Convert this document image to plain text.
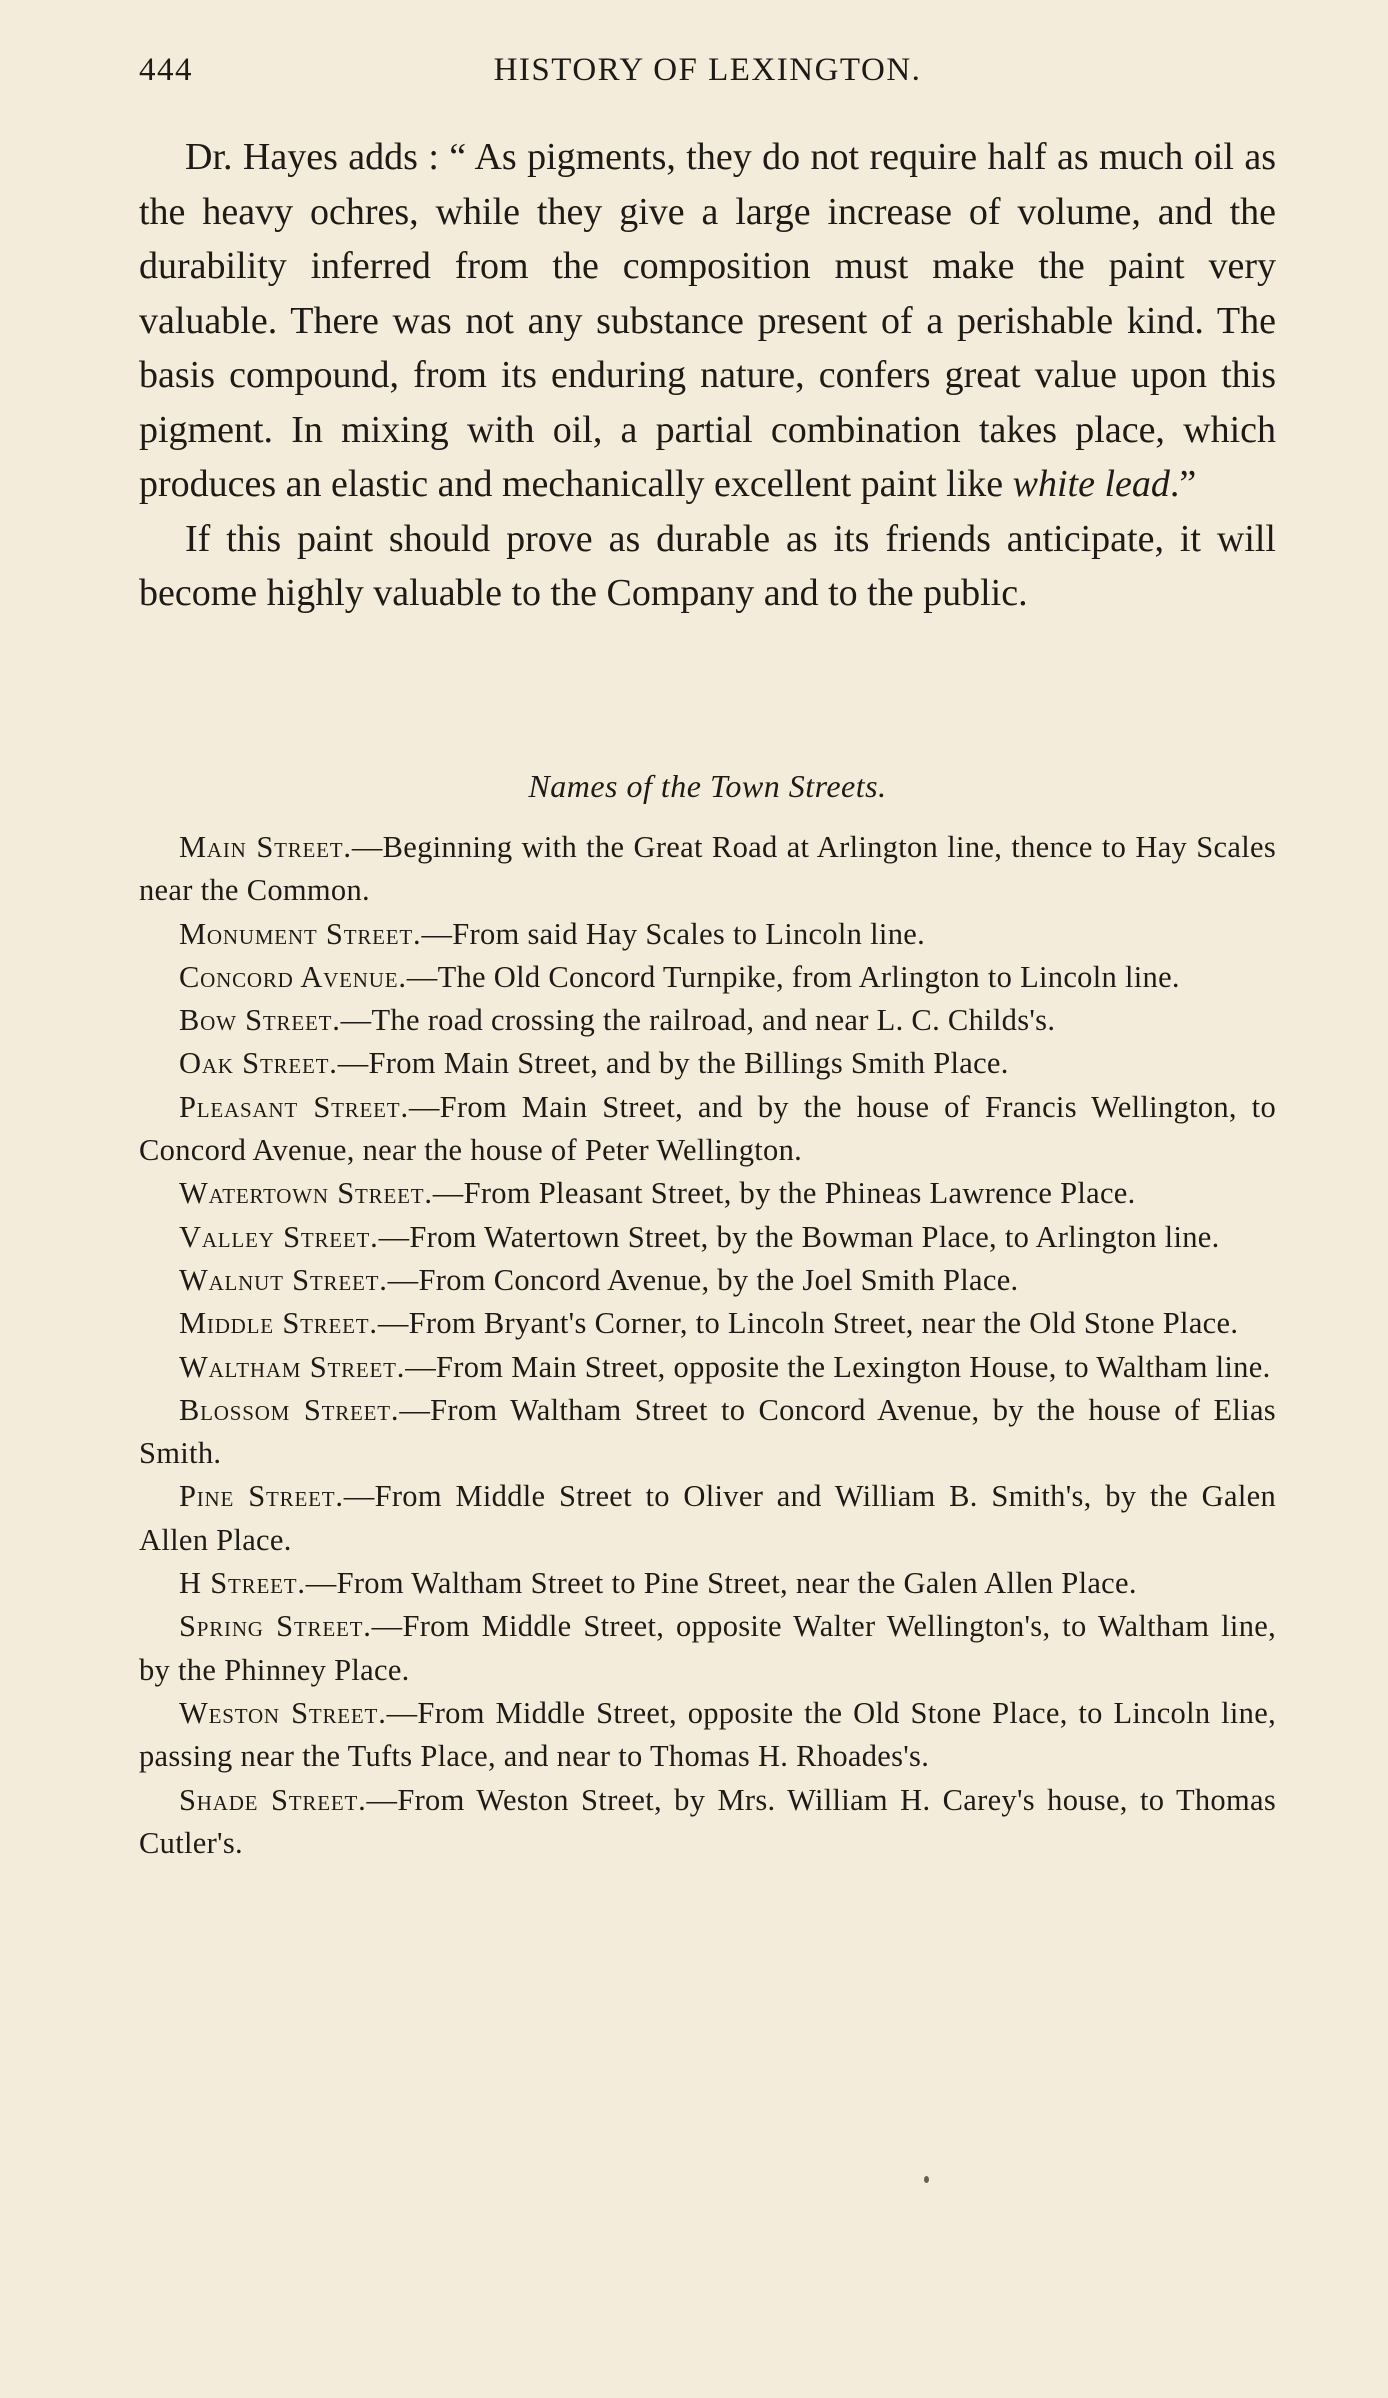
444	HISTORY OF LEXINGTON.

Dr. Hayes adds : “ As pigments, they do not require half as much oil as the heavy ochres, while they give a large increase of volume, and the durability inferred from the composition must make the paint very valuable. There was not any substance present of a perishable kind. The basis compound, from its enduring nature, confers great value upon this pigment. In mixing with oil, a partial combination takes place, which produces an elastic and mechanically excellent paint like white lead.”

If this paint should prove as durable as its friends anticipate, it will become highly valuable to the Company and to the public.

Names of the Town Streets.

Main Street.—Beginning with the Great Road at Arlington line, thence to Hay Scales near the Common.

Monument Street.—From said Hay Scales to Lincoln line.

Concord Avenue.—The Old Concord Turnpike, from Arlington to Lincoln line.

Bow Street.—The road crossing the railroad, and near L. C. Childs's.

Oak Street.—From Main Street, and by the Billings Smith Place.

Pleasant Street.—From Main Street, and by the house of Francis Wellington, to Concord Avenue, near the house of Peter Wellington.

Watertown Street.—From Pleasant Street, by the Phineas Lawrence Place.

Valley Street.—From Watertown Street, by the Bowman Place, to Arlington line.

Walnut Street.—From Concord Avenue, by the Joel Smith Place.

Middle Street.—From Bryant's Corner, to Lincoln Street, near the Old Stone Place.

Waltham Street.—From Main Street, opposite the Lexington House, to Waltham line.

Blossom Street.—From Waltham Street to Concord Avenue, by the house of Elias Smith.

Pine Street.—From Middle Street to Oliver and William B. Smith's, by the Galen Allen Place.

H Street.—From Waltham Street to Pine Street, near the Galen Allen Place.

Spring Street.—From Middle Street, opposite Walter Wellington's, to Waltham line, by the Phinney Place.

Weston Street.—From Middle Street, opposite the Old Stone Place, to Lincoln line, passing near the Tufts Place, and near to Thomas H. Rhoades's.

Shade Street.—From Weston Street, by Mrs. William H. Carey's house, to Thomas Cutler's.
